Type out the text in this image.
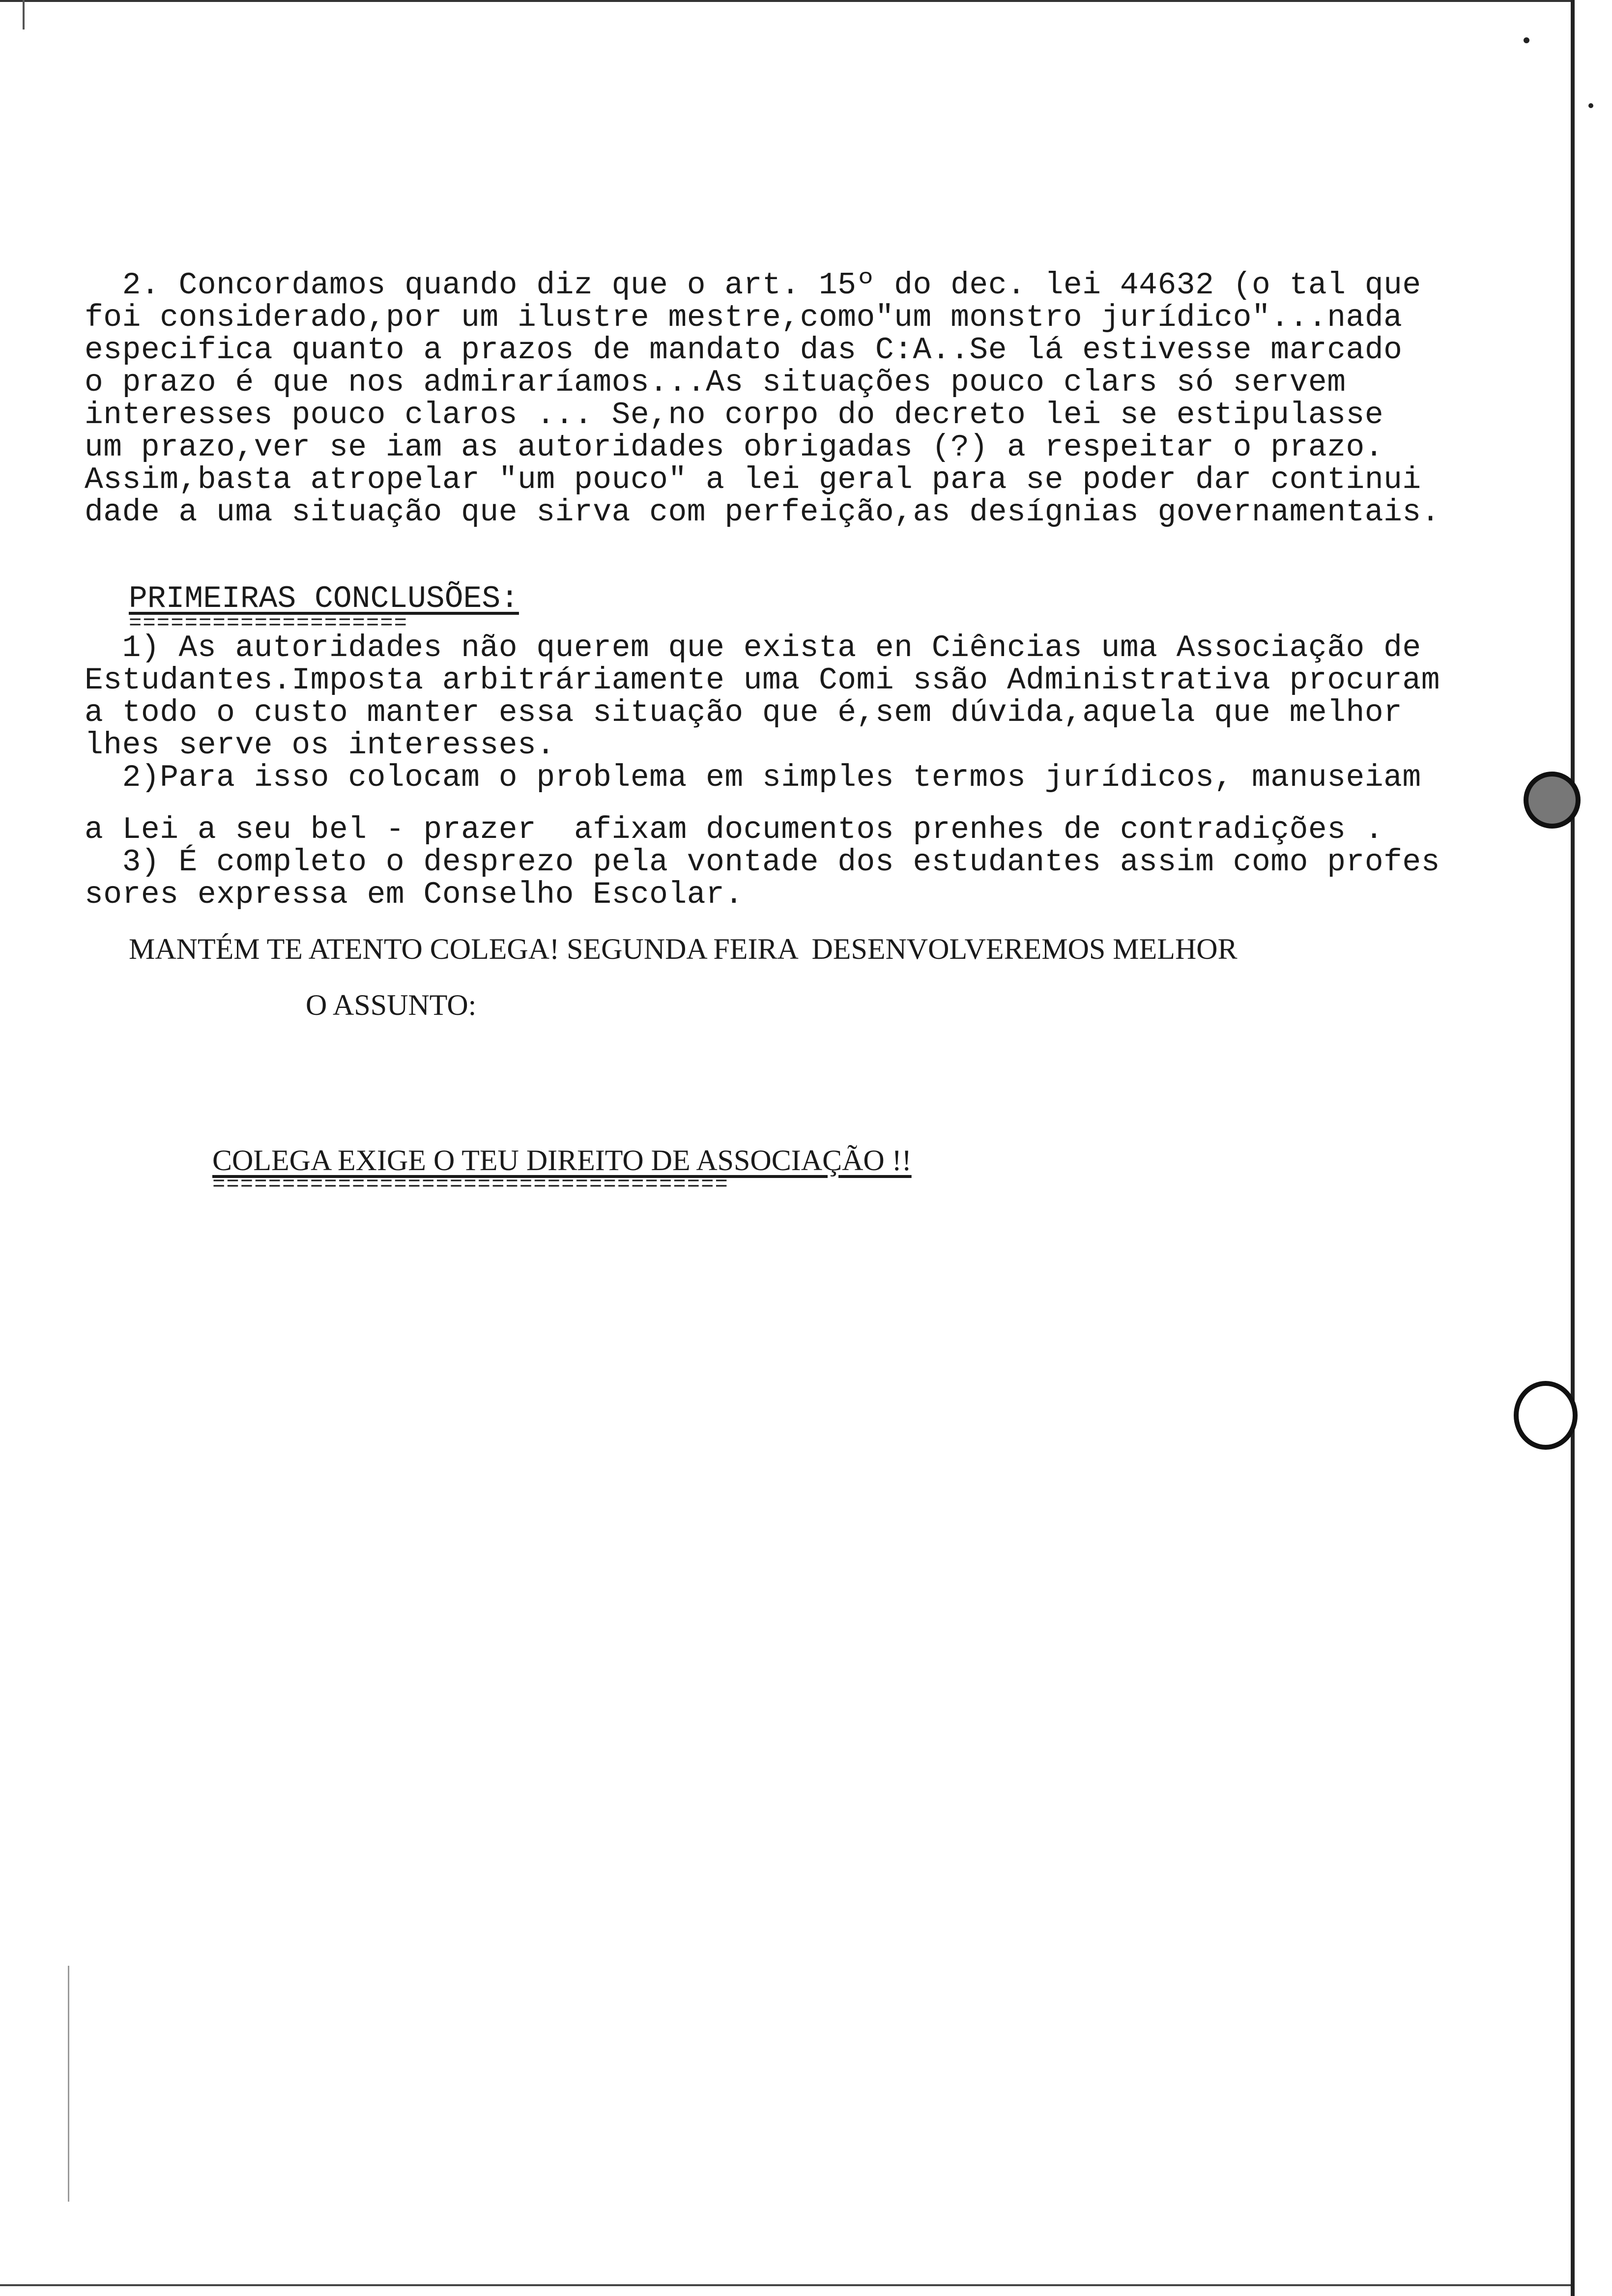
2. Concordamos quando diz que o art. 15º do dec. lei 44632 (o tal que
foi considerado,por um ilustre mestre,como"um monstro jurídico"...nada
especifica quanto a prazos de mandato das C:A..Se lá estivesse marcado
o prazo é que nos admiraríamos...As situações pouco clars só servem
interesses pouco claros ... Se,no corpo do decreto lei se estipulasse
um prazo,ver se iam as autoridades obrigadas (?) a respeitar o prazo.
Assim,basta atropelar "um pouco" a lei geral para se poder dar continui
dade a uma situação que sirva com perfeição,as desígnias governamentais.
PRIMEIRAS CONCLUSÕES:
====================
1) As autoridades não querem que exista en Ciências uma Associação de
Estudantes.Imposta arbitráriamente uma Comi ssão Administrativa procuram
a todo o custo manter essa situação que é,sem dúvida,aquela que melhor
lhes serve os interesses.
2)Para isso colocam o problema em simples termos jurídicos, manuseiam
a Lei a seu bel - prazer  afixam documentos prenhes de contradições .
3) É completo o desprezo pela vontade dos estudantes assim como profes
sores expressa em Conselho Escolar.
MANTÉM TE ATENTO COLEGA! SEGUNDA FEIRA  DESENVOLVEREMOS MELHOR
O ASSUNTO:
COLEGA EXIGE O TEU DIREITO DE ASSOCIAÇÃO !!
=====================================
